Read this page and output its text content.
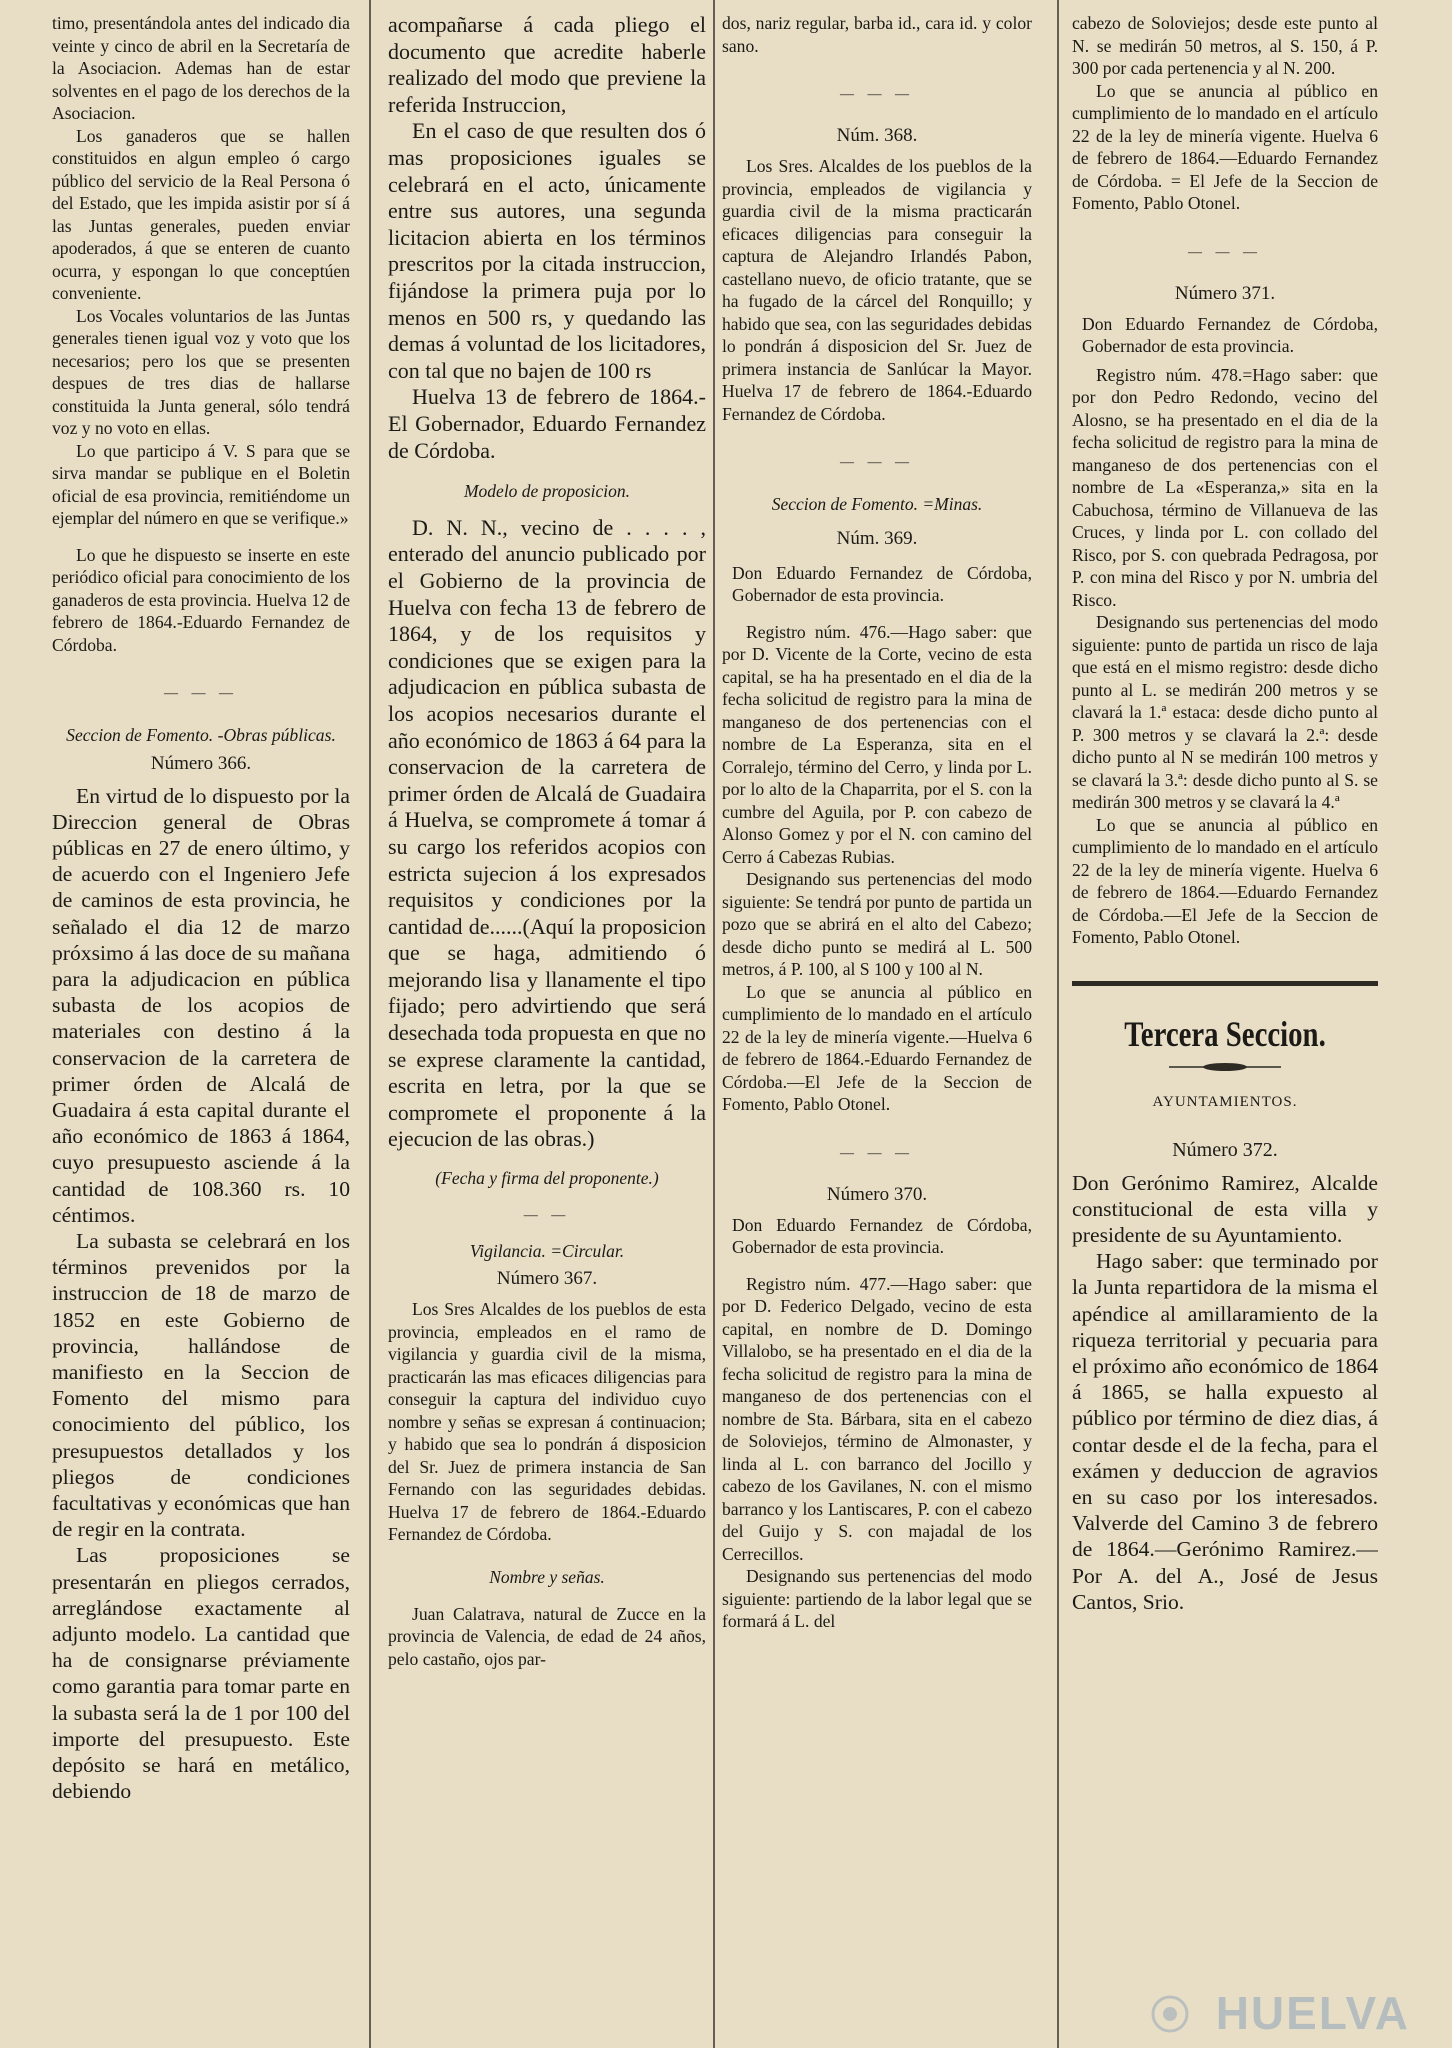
timo, presentándola antes del indicado dia veinte y cinco de abril en la Secretaría de la Asociacion. Ademas han de estar solventes en el pago de los derechos de la Asociacion.

Los ganaderos que se hallen constituidos en algun empleo ó cargo público del servicio de la Real Persona ó del Estado, que les impida asistir por sí á las Juntas generales, pueden enviar apoderados, á que se enteren de cuanto ocurra, y espongan lo que conceptúen conveniente.

Los Vocales voluntarios de las Juntas generales tienen igual voz y voto que los necesarios; pero los que se presenten despues de tres dias de hallarse constituida la Junta general, sólo tendrá voz y no voto en ellas.

Lo que participo á V. S para que se sirva mandar se publique en el Boletin oficial de esa provincia, remitiéndome un ejemplar del número en que se verifique.»

Lo que he dispuesto se inserte en este periódico oficial para conocimiento de los ganaderos de esta provincia. Huelva 12 de febrero de 1864.-Eduardo Fernandez de Córdoba.

— — —

Seccion de Fomento. -Obras públicas.

Número 366.

En virtud de lo dispuesto por la Direccion general de Obras públicas en 27 de enero último, y de acuerdo con el Ingeniero Jefe de caminos de esta provincia, he señalado el dia 12 de marzo próxsimo á las doce de su mañana para la adjudicacion en pública subasta de los acopios de materiales con destino á la conservacion de la carretera de primer órden de Alcalá de Guadaira á esta capital durante el año económico de 1863 á 1864, cuyo presupuesto asciende á la cantidad de 108.360 rs. 10 céntimos.

La subasta se celebrará en los términos prevenidos por la instruccion de 18 de marzo de 1852 en este Gobierno de provincia, hallándose de manifiesto en la Seccion de Fomento del mismo para conocimiento del público, los presupuestos detallados y los pliegos de condiciones facultativas y económicas que han de regir en la contrata.

Las proposiciones se presentarán en pliegos cerrados, arreglándose exactamente al adjunto modelo. La cantidad que ha de consignarse préviamente como garantia para tomar parte en la subasta será la de 1 por 100 del importe del presupuesto. Este depósito se hará en metálico, debiendo

acompañarse á cada pliego el documento que acredite haberle realizado del modo que previene la referida Instruccion,

En el caso de que resulten dos ó mas proposiciones iguales se celebrará en el acto, únicamente entre sus autores, una segunda licitacion abierta en los términos prescritos por la citada instruccion, fijándose la primera puja por lo menos en 500 rs, y quedando las demas á voluntad de los licitadores, con tal que no bajen de 100 rs

Huelva 13 de febrero de 1864.-El Gobernador, Eduardo Fernandez de Córdoba.

Modelo de proposicion.

D. N. N., vecino de . . . . , enterado del anuncio publicado por el Gobierno de la provincia de Huelva con fecha 13 de febrero de 1864, y de los requisitos y condiciones que se exigen para la adjudicacion en pública subasta de los acopios necesarios durante el año económico de 1863 á 64 para la conservacion de la carretera de primer órden de Alcalá de Guadaira á Huelva, se compromete á tomar á su cargo los referidos acopios con estricta sujecion á los expresados requisitos y condiciones por la cantidad de......(Aquí la proposicion que se haga, admitiendo ó mejorando lisa y llanamente el tipo fijado; pero advirtiendo que será desechada toda propuesta en que no se exprese claramente la cantidad, escrita en letra, por la que se compromete el proponente á la ejecucion de las obras.)

(Fecha y firma del proponente.)

— —

Vigilancia. =Circular.

Número 367.

Los Sres Alcaldes de los pueblos de esta provincia, empleados en el ramo de vigilancia y guardia civil de la misma, practicarán las mas eficaces diligencias para conseguir la captura del individuo cuyo nombre y señas se expresan á continuacion; y habido que sea lo pondrán á disposicion del Sr. Juez de primera instancia de San Fernando con las seguridades debidas. Huelva 17 de febrero de 1864.-Eduardo Fernandez de Córdoba.

Nombre y señas.

Juan Calatrava, natural de Zucce en la provincia de Valencia, de edad de 24 años, pelo castaño, ojos par-

dos, nariz regular, barba id., cara id. y color sano.

— — —

Núm. 368.

Los Sres. Alcaldes de los pueblos de la provincia, empleados de vigilancia y guardia civil de la misma practicarán eficaces diligencias para conseguir la captura de Alejandro Irlandés Pabon, castellano nuevo, de oficio tratante, que se ha fugado de la cárcel del Ronquillo; y habido que sea, con las seguridades debidas lo pondrán á disposicion del Sr. Juez de primera instancia de Sanlúcar la Mayor. Huelva 17 de febrero de 1864.-Eduardo Fernandez de Córdoba.

— — —

Seccion de Fomento. =Minas.

Núm. 369.

Don Eduardo Fernandez de Córdoba, Gobernador de esta provincia.

Registro núm. 476.—Hago saber: que por D. Vicente de la Corte, vecino de esta capital, se ha ha presentado en el dia de la fecha solicitud de registro para la mina de manganeso de dos pertenencias con el nombre de La Esperanza, sita en el Corralejo, término del Cerro, y linda por L. por lo alto de la Chaparrita, por el S. con la cumbre del Aguila, por P. con cabezo de Alonso Gomez y por el N. con camino del Cerro á Cabezas Rubias.

Designando sus pertenencias del modo siguiente: Se tendrá por punto de partida un pozo que se abrirá en el alto del Cabezo; desde dicho punto se medirá al L. 500 metros, á P. 100, al S 100 y 100 al N.

Lo que se anuncia al público en cumplimiento de lo mandado en el artículo 22 de la ley de minería vigente.—Huelva 6 de febrero de 1864.-Eduardo Fernandez de Córdoba.—El Jefe de la Seccion de Fomento, Pablo Otonel.

— — —

Número 370.

Don Eduardo Fernandez de Córdoba, Gobernador de esta provincia.

Registro núm. 477.—Hago saber: que por D. Federico Delgado, vecino de esta capital, en nombre de D. Domingo Villalobo, se ha presentado en el dia de la fecha solicitud de registro para la mina de manganeso de dos pertenencias con el nombre de Sta. Bárbara, sita en el cabezo de Soloviejos, término de Almonaster, y linda al L. con barranco del Jocillo y cabezo de los Gavilanes, N. con el mismo barranco y los Lantiscares, P. con el cabezo del Guijo y S. con majadal de los Cerrecillos.

Designando sus pertenencias del modo siguiente: partiendo de la labor legal que se formará á L. del

cabezo de Soloviejos; desde este punto al N. se medirán 50 metros, al S. 150, á P. 300 por cada pertenencia y al N. 200.

Lo que se anuncia al público en cumplimiento de lo mandado en el artículo 22 de la ley de minería vigente. Huelva 6 de febrero de 1864.—Eduardo Fernandez de Córdoba. = El Jefe de la Seccion de Fomento, Pablo Otonel.

— — —

Número 371.

Don Eduardo Fernandez de Córdoba, Gobernador de esta provincia.

Registro núm. 478.=Hago saber: que por don Pedro Redondo, vecino del Alosno, se ha presentado en el dia de la fecha solicitud de registro para la mina de manganeso de dos pertenencias con el nombre de La «Esperanza,» sita en la Cabuchosa, término de Villanueva de las Cruces, y linda por L. con collado del Risco, por S. con quebrada Pedragosa, por P. con mina del Risco y por N. umbria del Risco.

Designando sus pertenencias del modo siguiente: punto de partida un risco de laja que está en el mismo registro: desde dicho punto al L. se medirán 200 metros y se clavará la 1.ª estaca: desde dicho punto al P. 300 metros y se clavará la 2.ª: desde dicho punto al N se medirán 100 metros y se clavará la 3.ª: desde dicho punto al S. se medirán 300 metros y se clavará la 4.ª

Lo que se anuncia al público en cumplimiento de lo mandado en el artículo 22 de la ley de minería vigente. Huelva 6 de febrero de 1864.—Eduardo Fernandez de Córdoba.—El Jefe de la Seccion de Fomento, Pablo Otonel.

Tercera Seccion.
AYUNTAMIENTOS.

Número 372.

Don Gerónimo Ramirez, Alcalde constitucional de esta villa y presidente de su Ayuntamiento.

Hago saber: que terminado por la Junta repartidora de la misma el apéndice al amillaramiento de la riqueza territorial y pecuaria para el próximo año económico de 1864 á 1865, se halla expuesto al público por término de diez dias, á contar desde el de la fecha, para el exámen y deduccion de agravios en su caso por los interesados. Valverde del Camino 3 de febrero de 1864.—Gerónimo Ramirez.—Por A. del A., José de Jesus Cantos, Srio.

HUELVA
